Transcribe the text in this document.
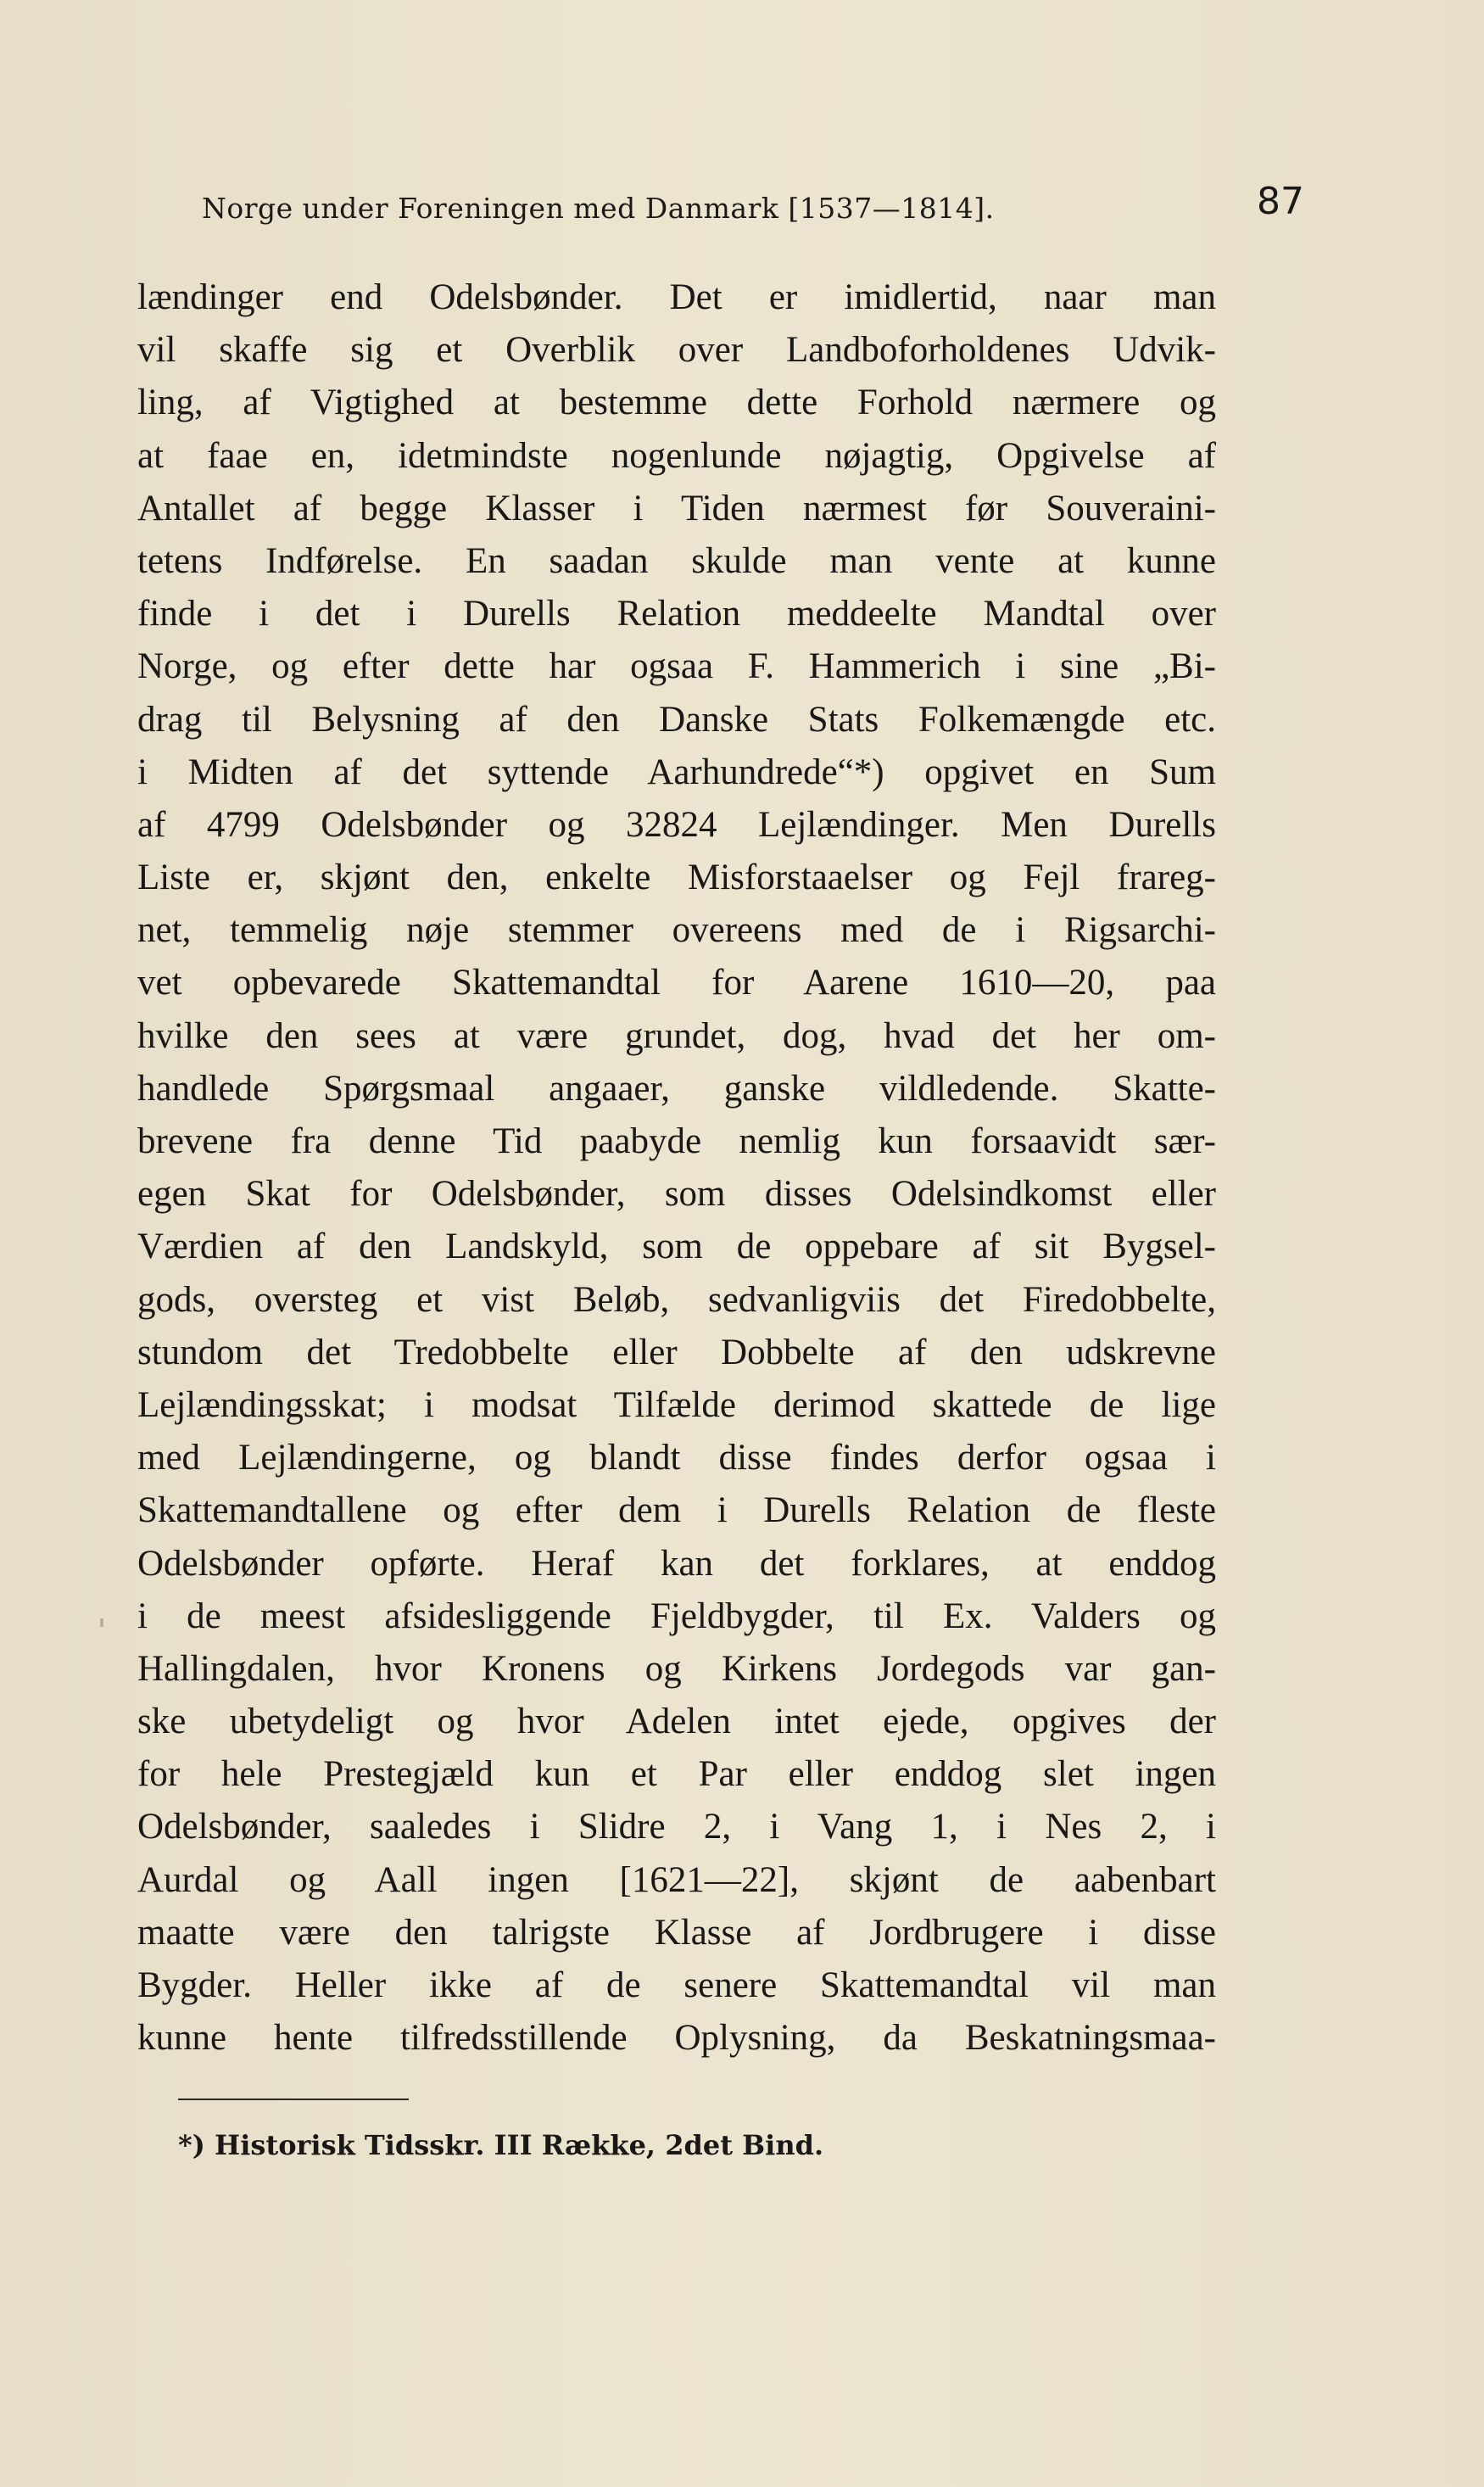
Norge under Foreningen med Danmark [1537—1814].	87
lændinger end Odelsbønder. Det er imidlertid, naar man
vil skaffe sig et Overblik over Landboforholdenes Udvik-
ling, af Vigtighed at bestemme dette Forhold nærmere og
at faae en, idetmindste nogenlunde nøjagtig, Opgivelse af
Antallet af begge Klasser i Tiden nærmest før Souveraini-
tetens Indførelse. En saadan skulde man vente at kunne
finde i det i Durells Relation meddeelte Mandtal over
Norge, og efter dette har ogsaa F. Hammerich i sine „Bi-
drag til Belysning af den Danske Stats Folkemængde etc.
i Midten af det syttende Aarhundrede“*) opgivet en Sum
af 4799 Odelsbønder og 32824 Lejlændinger. Men Durells
Liste er, skjønt den, enkelte Misforstaaelser og Fejl frareg-
net, temmelig nøje stemmer overeens med de i Rigsarchi-
vet opbevarede Skattemandtal for Aarene 1610—20, paa
hvilke den sees at være grundet, dog, hvad det her om-
handlede Spørgsmaal angaaer, ganske vildledende. Skatte-
brevene fra denne Tid paabyde nemlig kun forsaavidt sær-
egen Skat for Odelsbønder, som disses Odelsindkomst eller
Værdien af den Landskyld, som de oppebare af sit Bygsel-
gods, oversteg et vist Beløb, sedvanligviis det Firedobbelte,
stundom det Tredobbelte eller Dobbelte af den udskrevne
Lejlændingsskat; i modsat Tilfælde derimod skattede de lige
med Lejlændingerne, og blandt disse findes derfor ogsaa i
Skattemandtallene og efter dem i Durells Relation de fleste
Odelsbønder opførte. Heraf kan det forklares, at enddog
i de meest afsidesliggende Fjeldbygder, til Ex. Valders og
Hallingdalen, hvor Kronens og Kirkens Jordegods var gan-
ske ubetydeligt og hvor Adelen intet ejede, opgives der
for hele Prestegjæld kun et Par eller enddog slet ingen
Odelsbønder, saaledes i Slidre 2, i Vang 1, i Nes 2, i
Aurdal og Aall ingen [1621—22], skjønt de aabenbart
maatte være den talrigste Klasse af Jordbrugere i disse
Bygder. Heller ikke af de senere Skattemandtal vil man
kunne hente tilfredsstillende Oplysning, da Beskatningsmaa-
*) Historisk Tidsskr. III Række, 2det Bind.
